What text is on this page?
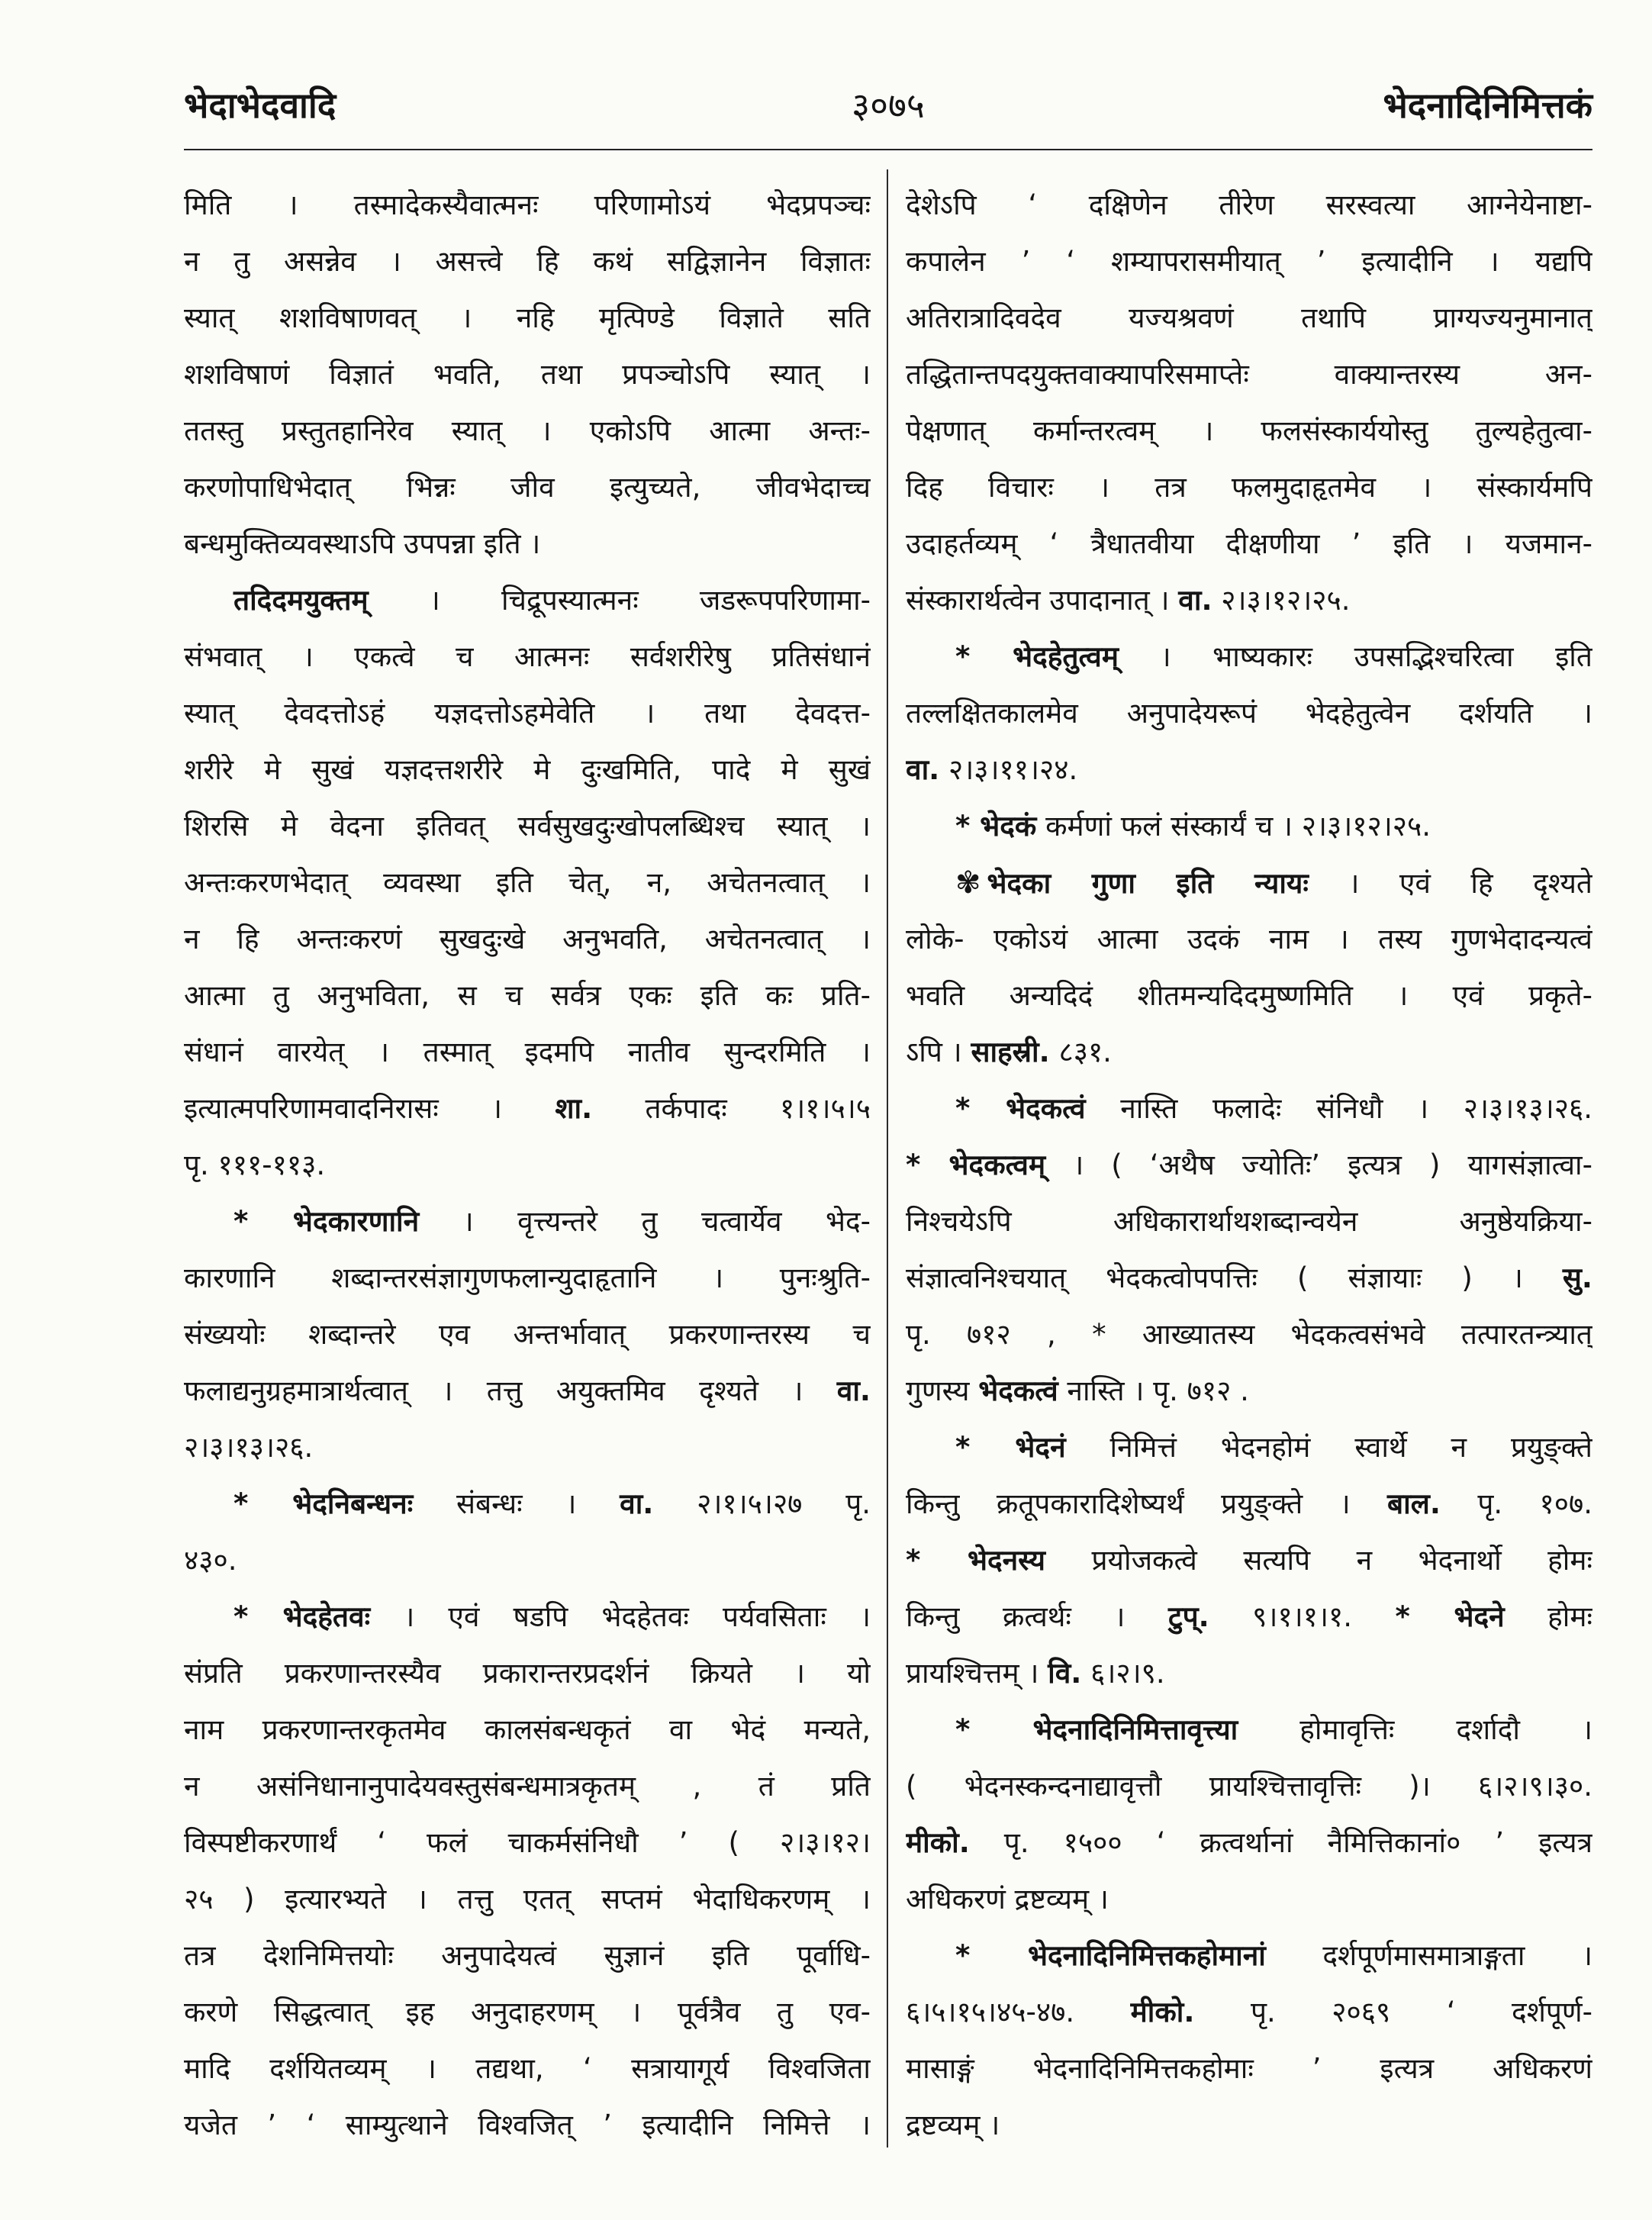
भेदाभेदवादि	३०७५	भेदनादिनिमित्तकं
मिति । तस्मादेकस्यैवात्मनः परिणामोऽयं भेदप्रपञ्चः
न तु असन्नेव । असत्त्वे हि कथं सद्विज्ञानेन विज्ञातः
स्यात् शशविषाणवत् । नहि मृत्पिण्डे विज्ञाते सति
शशविषाणं विज्ञातं भवति, तथा प्रपञ्चोऽपि स्यात् ।
ततस्तु प्रस्तुतहानिरेव स्यात् । एकोऽपि आत्मा अन्तः-
करणोपाधिभेदात् भिन्नः जीव इत्युच्यते, जीवभेदाच्च
बन्धमुक्तिव्यवस्थाऽपि उपपन्ना इति ।
तदिदमयुक्तम् । चिद्रूपस्यात्मनः जडरूपपरिणामा-
संभवात् । एकत्वे च आत्मनः सर्वशरीरेषु प्रतिसंधानं
स्यात् देवदत्तोऽहं यज्ञदत्तोऽहमेवेति । तथा देवदत्त-
शरीरे मे सुखं यज्ञदत्तशरीरे मे दुःखमिति, पादे मे सुखं
शिरसि मे वेदना इतिवत् सर्वसुखदुःखोपलब्धिश्च स्यात् ।
अन्तःकरणभेदात् व्यवस्था इति चेत्, न, अचेतनत्वात् ।
न हि अन्तःकरणं सुखदुःखे अनुभवति, अचेतनत्वात् ।
आत्मा तु अनुभविता, स च सर्वत्र एकः इति कः प्रति-
संधानं वारयेत् । तस्मात् इदमपि नातीव सुन्दरमिति ।
इत्यात्मपरिणामवादनिरासः । शा. तर्कपादः १।१।५।५
पृ. १११-११३.
* भेदकारणानि । वृत्त्यन्तरे तु चत्वार्येव भेद-
कारणानि शब्दान्तरसंज्ञागुणफलान्युदाहृतानि । पुनःश्रुति-
संख्ययोः शब्दान्तरे एव अन्तर्भावात् प्रकरणान्तरस्य च
फलाद्यनुग्रहमात्रार्थत्वात् । तत्तु अयुक्तमिव दृश्यते । वा.
२।३।१३।२६.
* भेदनिबन्धनः संबन्धः । वा. २।१।५।२७ पृ.
४३०.
* भेदहेतवः । एवं षडपि भेदहेतवः पर्यवसिताः ।
संप्रति प्रकरणान्तरस्यैव प्रकारान्तरप्रदर्शनं क्रियते । यो
नाम प्रकरणान्तरकृतमेव कालसंबन्धकृतं वा भेदं मन्यते,
न असंनिधानानुपादेयवस्तुसंबन्धमात्रकृतम् , तं प्रति
विस्पष्टीकरणार्थं ‘ फलं चाकर्मसंनिधौ ’ ( २।३।१२।
२५ ) इत्यारभ्यते । तत्तु एतत् सप्तमं भेदाधिकरणम् ।
तत्र देशनिमित्तयोः अनुपादेयत्वं सुज्ञानं इति पूर्वाधि-
करणे सिद्धत्वात् इह अनुदाहरणम् । पूर्वत्रैव तु एव-
मादि दर्शयितव्यम् । तद्यथा, ‘ सत्रायागूर्य विश्वजिता
यजेत ’ ‘ साम्युत्थाने विश्वजित् ’ इत्यादीनि निमित्ते ।
देशेऽपि ‘ दक्षिणेन तीरेण सरस्वत्या आग्नेयेनाष्टा-
कपालेन ’ ‘ शम्यापरासमीयात् ’ इत्यादीनि । यद्यपि
अतिरात्रादिवदेव यज्यश्रवणं तथापि प्राग्यज्यनुमानात्
तद्धितान्तपदयुक्तवाक्यापरिसमाप्तेः वाक्यान्तरस्य अन-
पेक्षणात् कर्मान्तरत्वम् । फलसंस्कार्ययोस्तु तुल्यहेतुत्वा-
दिह विचारः । तत्र फलमुदाहृतमेव । संस्कार्यमपि
उदाहर्तव्यम् ‘ त्रैधातवीया दीक्षणीया ’ इति । यजमान-
संस्कारार्थत्वेन उपादानात् । वा. २।३।१२।२५.
* भेदहेतुत्वम् । भाष्यकारः उपसद्भिश्चरित्वा इति
तल्लक्षितकालमेव अनुपादेयरूपं भेदहेतुत्वेन दर्शयति ।
वा. २।३।११।२४.
* भेदकं कर्मणां फलं संस्कार्यं च । २।३।१२।२५.
✾ भेदका गुणा इति न्यायः । एवं हि दृश्यते
लोके- एकोऽयं आत्मा उदकं नाम । तस्य गुणभेदादन्यत्वं
भवति अन्यदिदं शीतमन्यदिदमुष्णमिति । एवं प्रकृते-
ऽपि । साहस्री. ८३१.
* भेदकत्वं नास्ति फलादेः संनिधौ । २।३।१३।२६.
* भेदकत्वम् । ( ‘अथैष ज्योतिः’ इत्यत्र ) यागसंज्ञात्वा-
निश्चयेऽपि अधिकारार्थाथशब्दान्वयेन अनुष्ठेयक्रिया-
संज्ञात्वनिश्चयात् भेदकत्वोपपत्तिः ( संज्ञायाः ) । सु.
पृ. ७१२ , * आख्यातस्य भेदकत्वसंभवे तत्पारतन्त्र्यात्
गुणस्य भेदकत्वं नास्ति । पृ. ७१२ .
* भेदनं निमित्तं भेदनहोमं स्वार्थे न प्रयुङ्क्ते
किन्तु क्रतूपकारादिशेष्यर्थं प्रयुङ्क्ते । बाल. पृ. १०७.
* भेदनस्य प्रयोजकत्वे सत्यपि न भेदनार्थो होमः
किन्तु क्रत्वर्थः । टुप्. ९।१।१।१. * भेदने होमः
प्रायश्चित्तम् । वि. ६।२।९.
* भेदनादिनिमित्तावृत्त्या होमावृत्तिः दर्शादौ ।
( भेदनस्कन्दनाद्यावृत्तौ प्रायश्चित्तावृत्तिः )। ६।२।९।३०.
मीको. पृ. १५०० ‘ क्रत्वर्थानां नैमित्तिकानां० ’ इत्यत्र
अधिकरणं द्रष्टव्यम् ।
* भेदनादिनिमित्तकहोमानां दर्शपूर्णमासमात्राङ्गता ।
६।५।१५।४५-४७. मीको. पृ. २०६९ ‘ दर्शपूर्ण-
मासाङ्गं भेदनादिनिमित्तकहोमाः ’ इत्यत्र अधिकरणं
द्रष्टव्यम् ।
